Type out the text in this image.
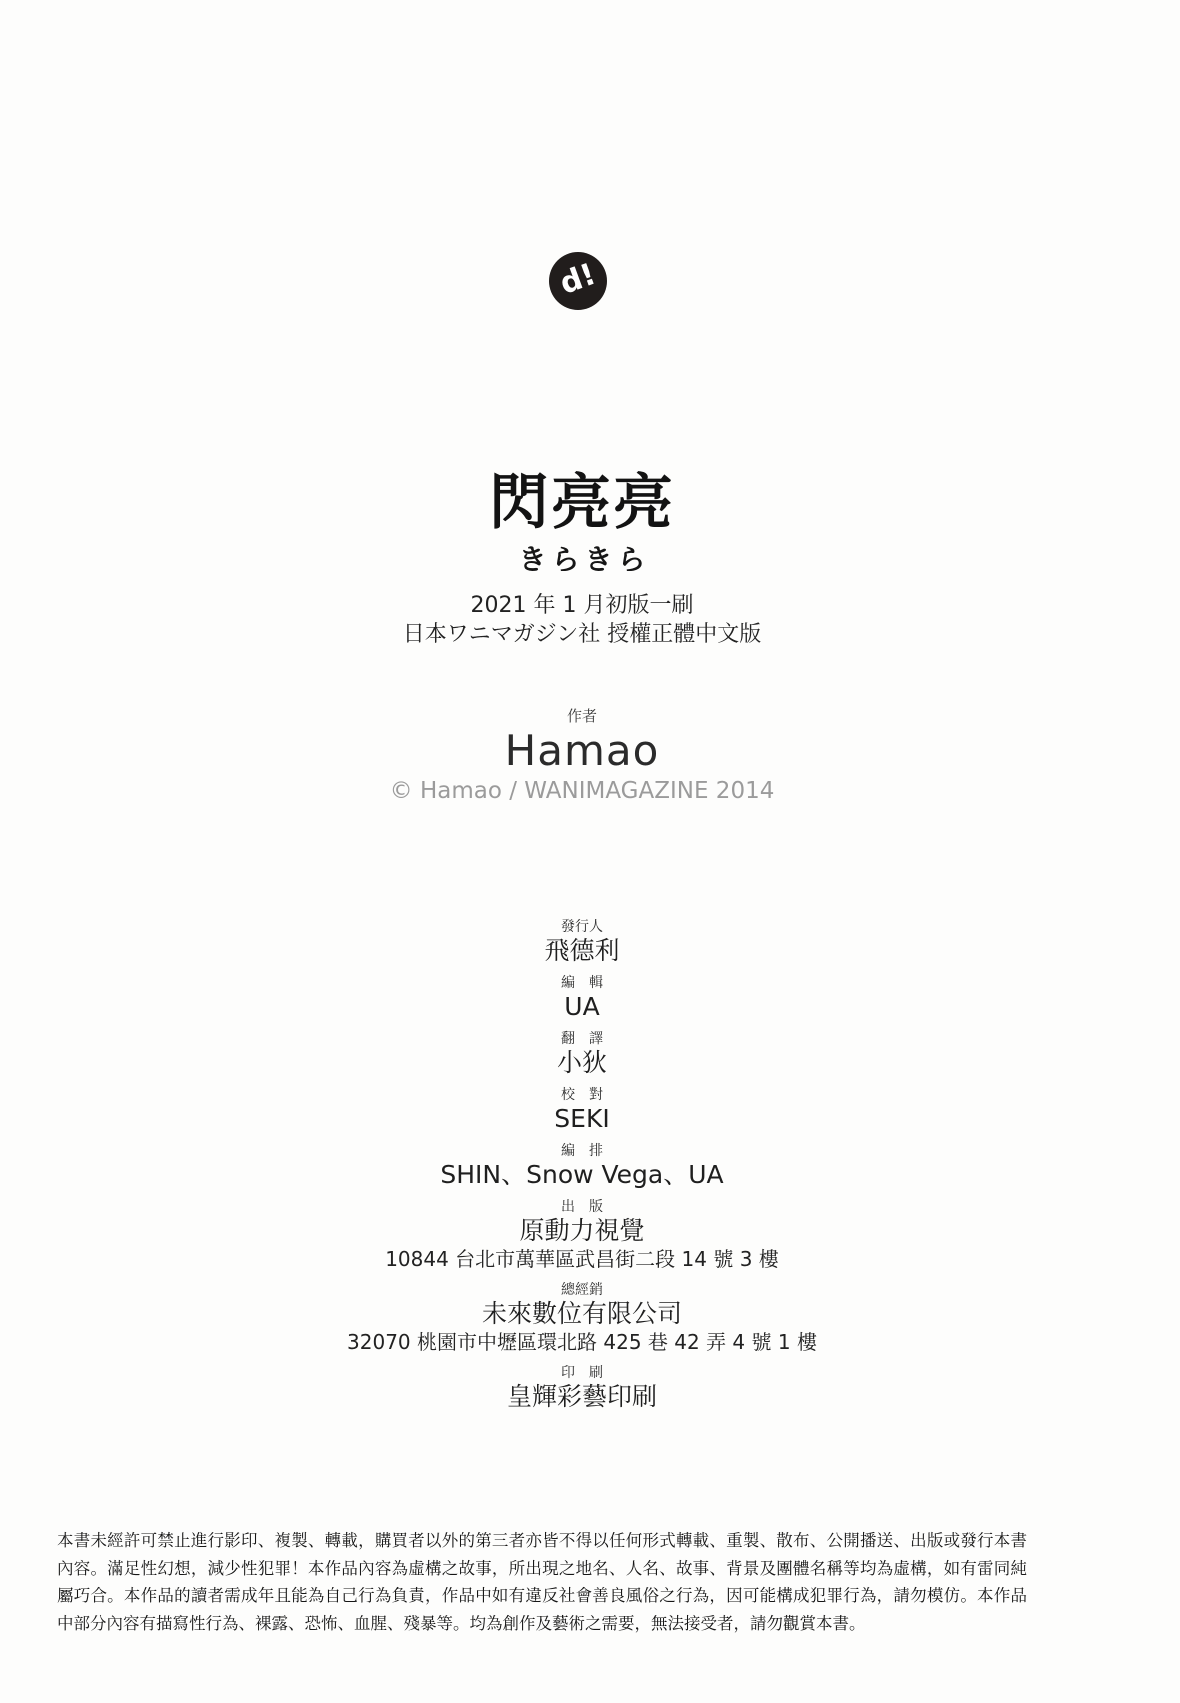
d!
閃亮亮
きらきら
2021 年 1 月初版一刷
日本ワニマガジン社 授權正體中文版
作者
Hamao
© Hamao / WANIMAGAZINE 2014
發行人
飛德利
編　輯
UA
翻　譯
小狄
校　對
SEKI
編　排
SHIN、Snow Vega、UA
出　版
原動力視覺
10844 台北市萬華區武昌街二段 14 號 3 樓
總經銷
未來數位有限公司
32070 桃園市中壢區環北路 425 巷 42 弄 4 號 1 樓
印　刷
皇輝彩藝印刷

本書未經許可禁止進行影印、複製、轉載，購買者以外的第三者亦皆不得以任何形式轉載、重製、散布、公開播送、出版或發行本書內容。滿足性幻想，減少性犯罪！本作品內容為虛構之故事，所出現之地名、人名、故事、背景及團體名稱等均為虛構，如有雷同純屬巧合。本作品的讀者需成年且能為自己行為負責，作品中如有違反社會善良風俗之行為，因可能構成犯罪行為，請勿模仿。本作品中部分內容有描寫性行為、裸露、恐怖、血腥、殘暴等。均為創作及藝術之需要，無法接受者，請勿觀賞本書。
